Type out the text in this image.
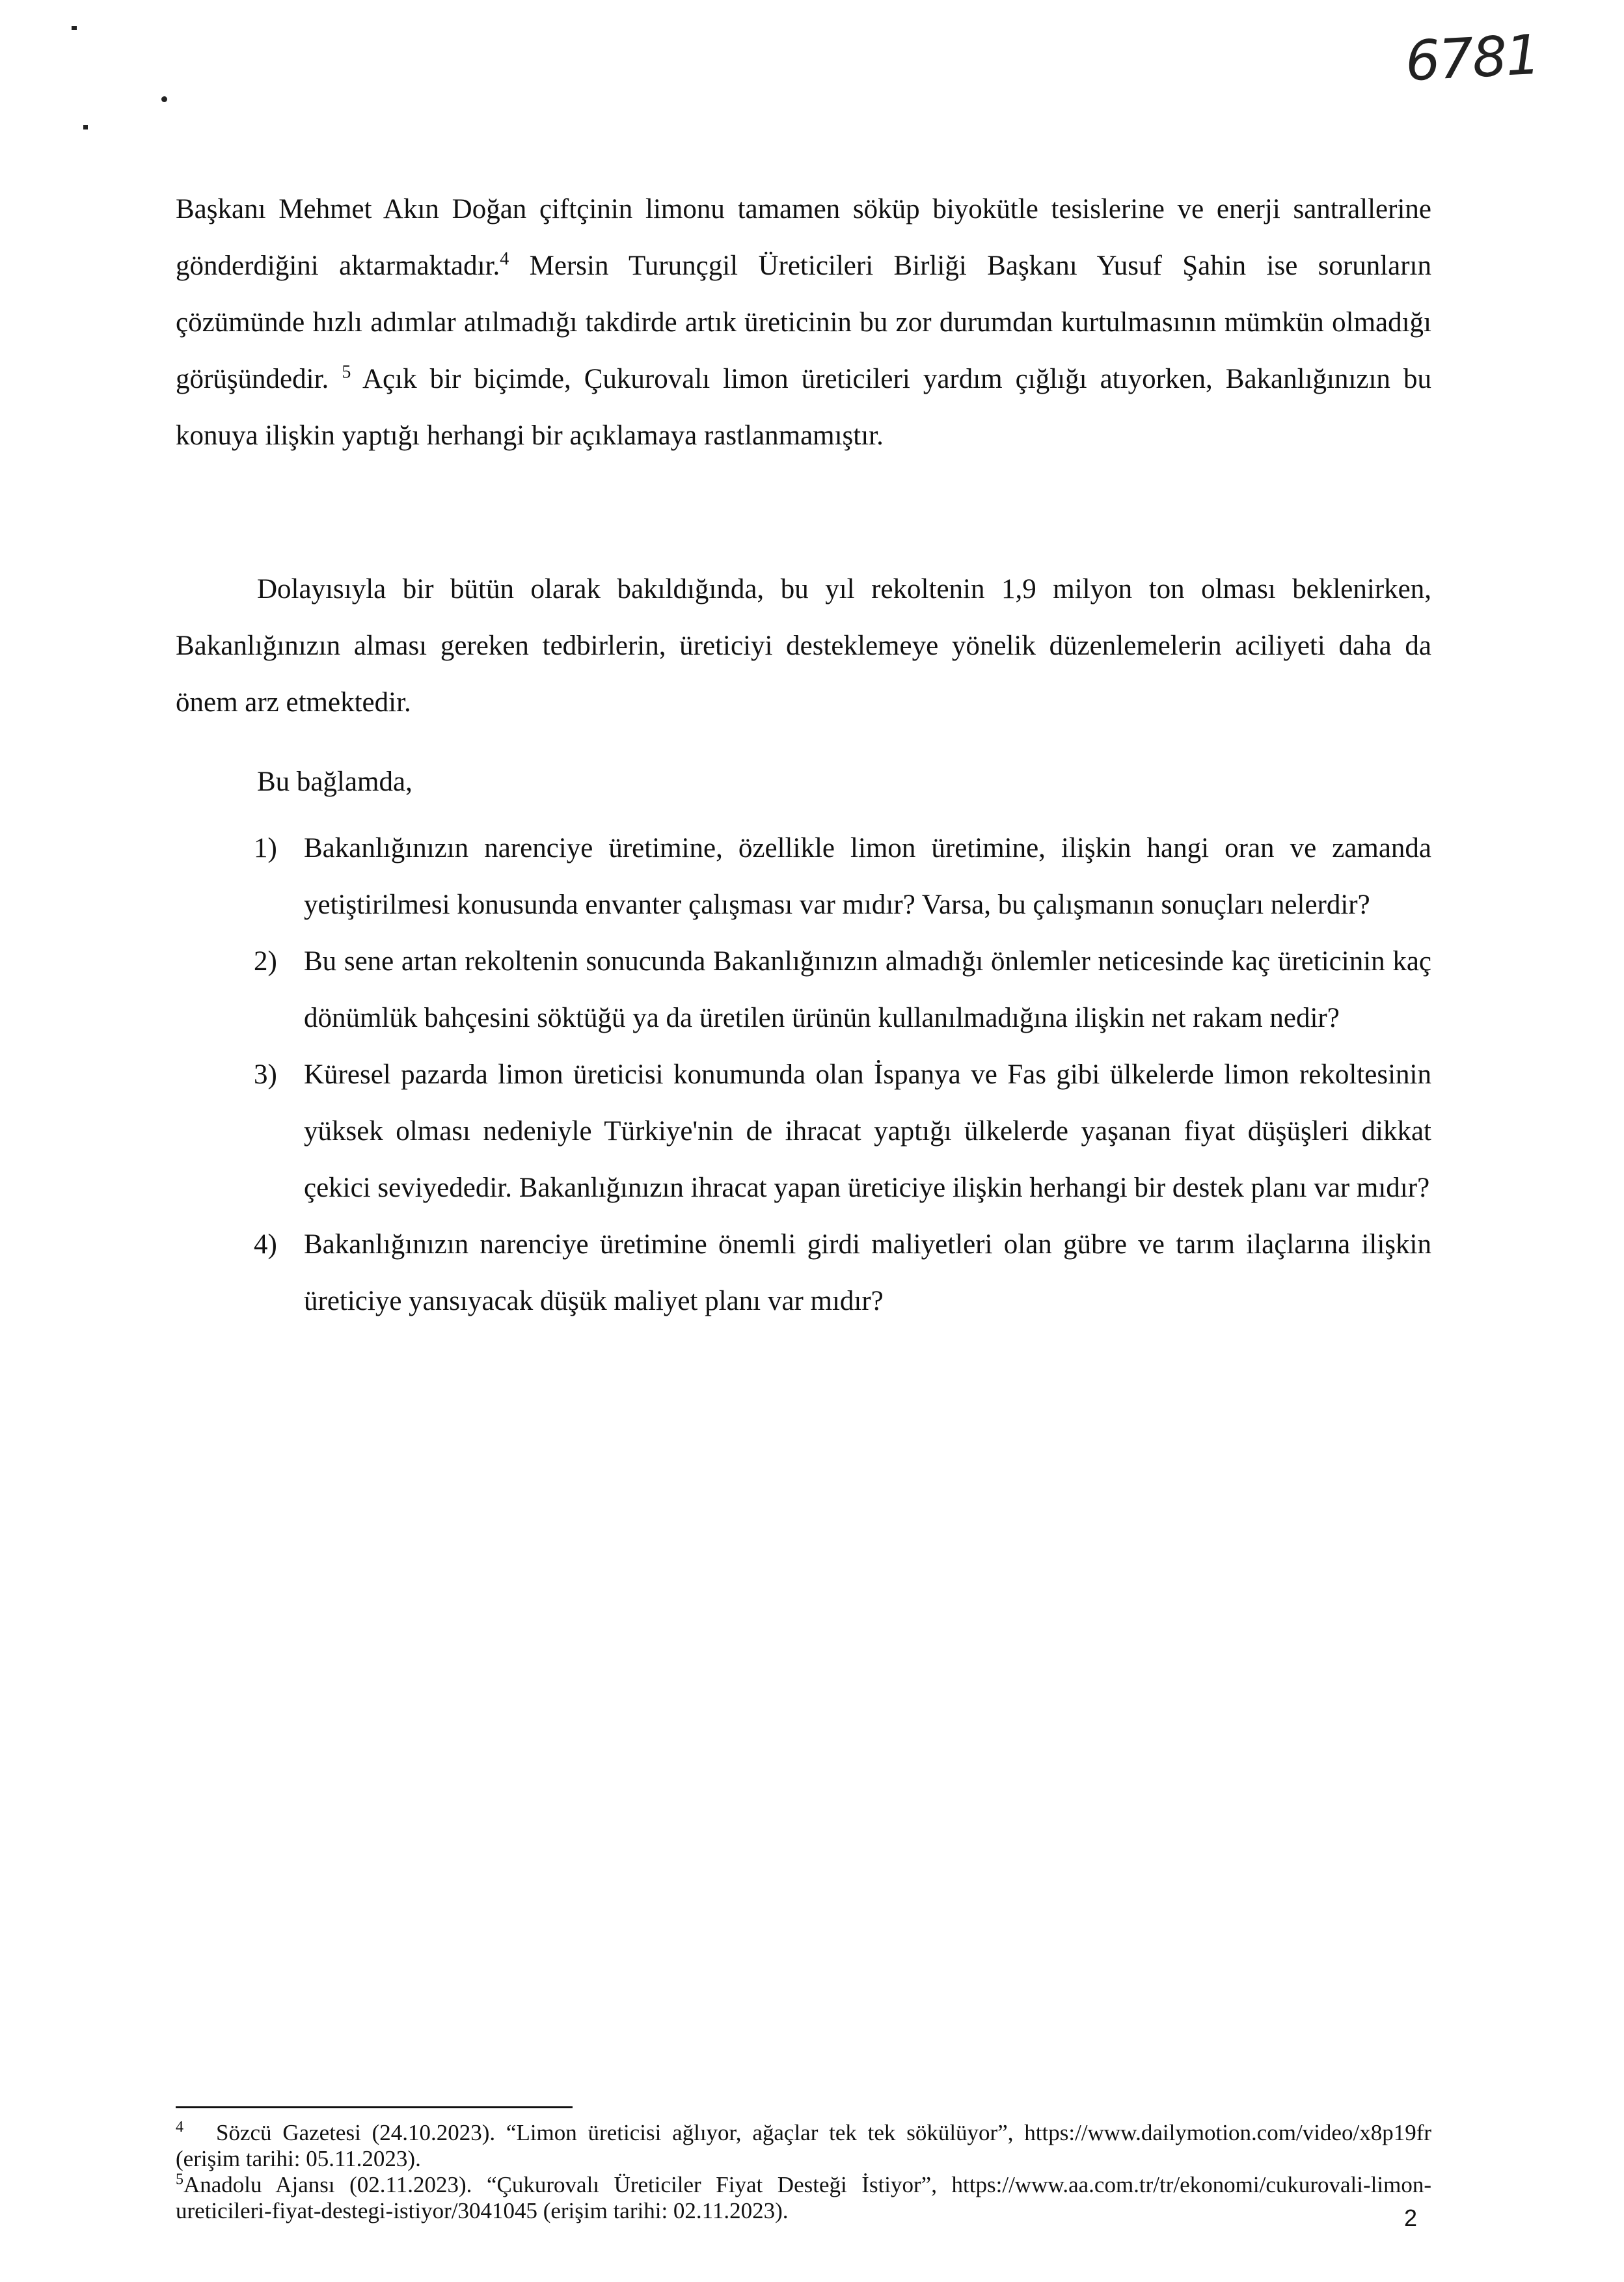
6781
Başkanı Mehmet Akın Doğan çiftçinin limonu tamamen söküp biyokütle tesislerine ve enerji santrallerine gönderdiğini aktarmaktadır.$^4$ Mersin Turunçgil Üreticileri Birliği Başkanı Yusuf Şahin ise sorunların çözümünde hızlı adımlar atılmadığı takdirde artık üreticinin bu zor durumdan kurtulmasının mümkün olmadığı görüşündedir. $^5$ Açık bir biçimde, Çukurovalı limon üreticileri yardım çığlığı atıyorken, Bakanlığınızın bu konuya ilişkin yaptığı herhangi bir açıklamaya rastlanmamıştır.
Dolayısıyla bir bütün olarak bakıldığında, bu yıl rekoltenin 1,9 milyon ton olması beklenirken, Bakanlığınızın alması gereken tedbirlerin, üreticiyi desteklemeye yönelik düzenlemelerin aciliyeti daha da önem arz etmektedir.
Bu bağlamda,
1) Bakanlığınızın narenciye üretimine, özellikle limon üretimine, ilişkin hangi oran ve zamanda yetiştirilmesi konusunda envanter çalışması var mıdır? Varsa, bu çalışmanın sonuçları nelerdir?
2) Bu sene artan rekoltenin sonucunda Bakanlığınızın almadığı önlemler neticesinde kaç üreticinin kaç dönümlük bahçesini söktüğü ya da üretilen ürünün kullanılmadığına ilişkin net rakam nedir?
3) Küresel pazarda limon üreticisi konumunda olan İspanya ve Fas gibi ülkelerde limon rekoltesinin yüksek olması nedeniyle Türkiye'nin de ihracat yaptığı ülkelerde yaşanan fiyat düşüşleri dikkat çekici seviyededir. Bakanlığınızın ihracat yapan üreticiye ilişkin herhangi bir destek planı var mıdır?
4) Bakanlığınızın narenciye üretimine önemli girdi maliyetleri olan gübre ve tarım ilaçlarına ilişkin üreticiye yansıyacak düşük maliyet planı var mıdır?

$^4$ Sözcü Gazetesi (24.10.2023). “Limon üreticisi ağlıyor, ağaçlar tek tek sökülüyor”, https://www.dailymotion.com/video/x8p19fr (erişim tarihi: 05.11.2023).

$^5$Anadolu Ajansı (02.11.2023). “Çukurovalı Üreticiler Fiyat Desteği İstiyor”, https://www.aa.com.tr/tr/ekonomi/cukurovali-limon-ureticileri-fiyat-destegi-istiyor/3041045 (erişim tarihi: 02.11.2023).	2
